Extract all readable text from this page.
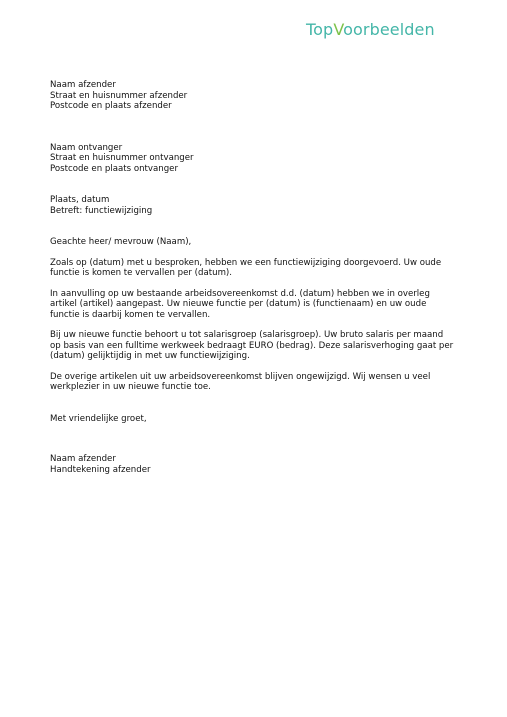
TopVoorbeelden
Naam afzender
Straat en huisnummer afzender
Postcode en plaats afzender
Naam ontvanger
Straat en huisnummer ontvanger
Postcode en plaats ontvanger
Plaats, datum
Betreft: functiewijziging
Geachte heer/ mevrouw (Naam),
Zoals op (datum) met u besproken, hebben we een functiewijziging doorgevoerd. Uw oude
functie is komen te vervallen per (datum).
In aanvulling op uw bestaande arbeidsovereenkomst d.d. (datum) hebben we in overleg
artikel (artikel) aangepast. Uw nieuwe functie per (datum) is (functienaam) en uw oude
functie is daarbij komen te vervallen.
Bij uw nieuwe functie behoort u tot salarisgroep (salarisgroep). Uw bruto salaris per maand
op basis van een fulltime werkweek bedraagt EURO (bedrag). Deze salarisverhoging gaat per
(datum) gelijktijdig in met uw functiewijziging.
De overige artikelen uit uw arbeidsovereenkomst blijven ongewijzigd. Wij wensen u veel
werkplezier in uw nieuwe functie toe.
Met vriendelijke groet,
Naam afzender
Handtekening afzender
